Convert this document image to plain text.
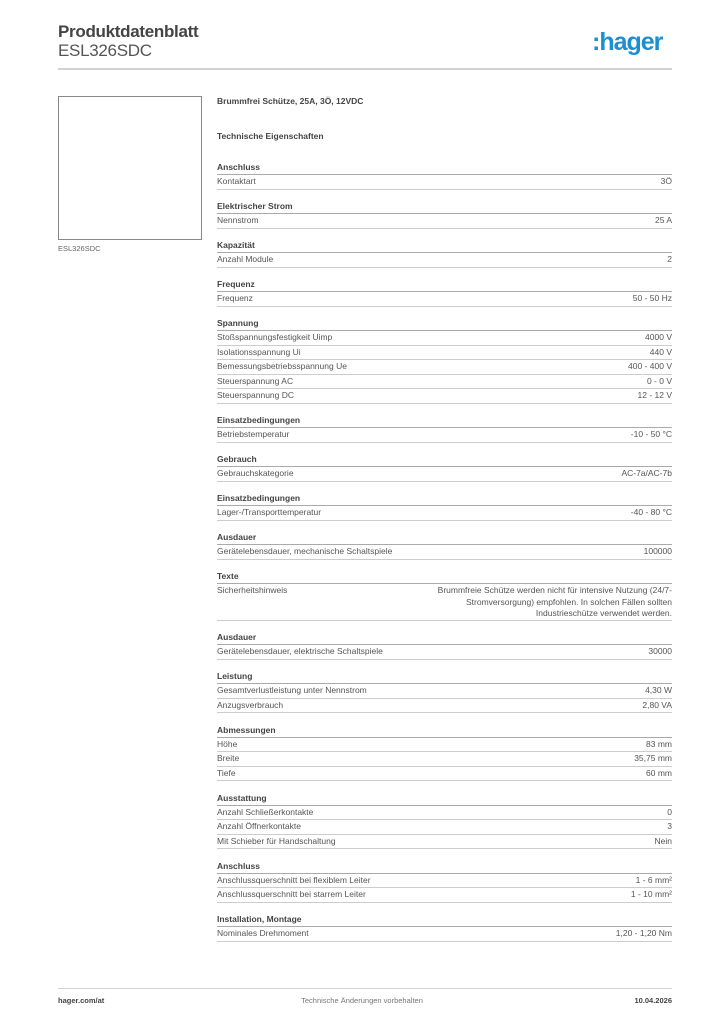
Produktdatenblatt
ESL326SDC	:hager
ESL326SDC
Brummfrei Schütze, 25A, 3Ö, 12VDC
Technische Eigenschaften
Anschluss
Kontaktart	3Ö
Elektrischer Strom
Nennstrom	25 A
Kapazität
Anzahl Module	2
Frequenz
Frequenz	50 - 50 Hz
Spannung
Stoßspannungsfestigkeit Uimp	4000 V
Isolationsspannung Ui	440 V
Bemessungsbetriebsspannung Ue	400 - 400 V
Steuerspannung AC	0 - 0 V
Steuerspannung DC	12 - 12 V
Einsatzbedingungen
Betriebstemperatur	-10 - 50 °C
Gebrauch
Gebrauchskategorie	AC-7a/AC-7b
Einsatzbedingungen
Lager-/Transporttemperatur	-40 - 80 °C
Ausdauer
Gerätelebensdauer, mechanische Schaltspiele	100000
Texte
Sicherheitshinweis	Brummfreie Schütze werden nicht für intensive Nutzung (24/7-Stromversorgung) empfohlen. In solchen Fällen sollten Industrieschütze verwendet werden.
Ausdauer
Gerätelebensdauer, elektrische Schaltspiele	30000
Leistung
Gesamtverlustleistung unter Nennstrom	4,30 W
Anzugsverbrauch	2,80 VA
Abmessungen
Höhe	83 mm
Breite	35,75 mm
Tiefe	60 mm
Ausstattung
Anzahl Schließerkontakte	0
Anzahl Öffnerkontakte	3
Mit Schieber für Handschaltung	Nein
Anschluss
Anschlussquerschnitt bei flexiblem Leiter	1 - 6 mm²
Anschlussquerschnitt bei starrem Leiter	1 - 10 mm²
Installation, Montage
Nominales Drehmoment	1,20 - 1,20 Nm
hager.com/at	Technische Änderungen vorbehalten	10.04.2026
